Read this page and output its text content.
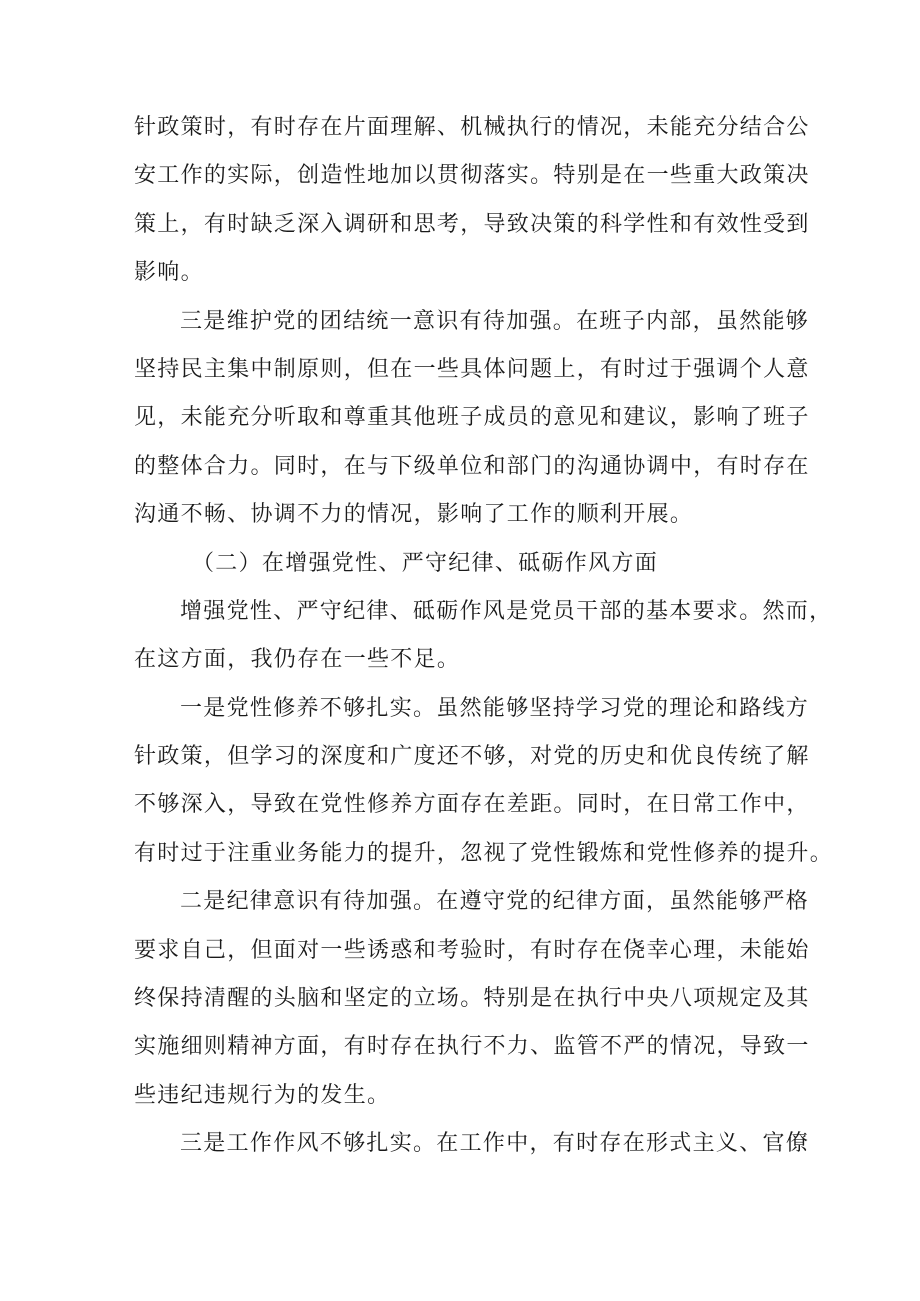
针政策时，有时存在片面理解、机械执行的情况，未能充分结合公
安工作的实际，创造性地加以贯彻落实。特别是在一些重大政策决
策上，有时缺乏深入调研和思考，导致决策的科学性和有效性受到
影响。
三是维护党的团结统一意识有待加强。在班子内部，虽然能够
坚持民主集中制原则，但在一些具体问题上，有时过于强调个人意
见，未能充分听取和尊重其他班子成员的意见和建议，影响了班子
的整体合力。同时，在与下级单位和部门的沟通协调中，有时存在
沟通不畅、协调不力的情况，影响了工作的顺利开展。
（二）在增强党性、严守纪律、砥砺作风方面
增强党性、严守纪律、砥砺作风是党员干部的基本要求。然而，
在这方面，我仍存在一些不足。
一是党性修养不够扎实。虽然能够坚持学习党的理论和路线方
针政策，但学习的深度和广度还不够，对党的历史和优良传统了解
不够深入，导致在党性修养方面存在差距。同时，在日常工作中，
有时过于注重业务能力的提升，忽视了党性锻炼和党性修养的提升。
二是纪律意识有待加强。在遵守党的纪律方面，虽然能够严格
要求自己，但面对一些诱惑和考验时，有时存在侥幸心理，未能始
终保持清醒的头脑和坚定的立场。特别是在执行中央八项规定及其
实施细则精神方面，有时存在执行不力、监管不严的情况，导致一
些违纪违规行为的发生。
三是工作作风不够扎实。在工作中，有时存在形式主义、官僚
